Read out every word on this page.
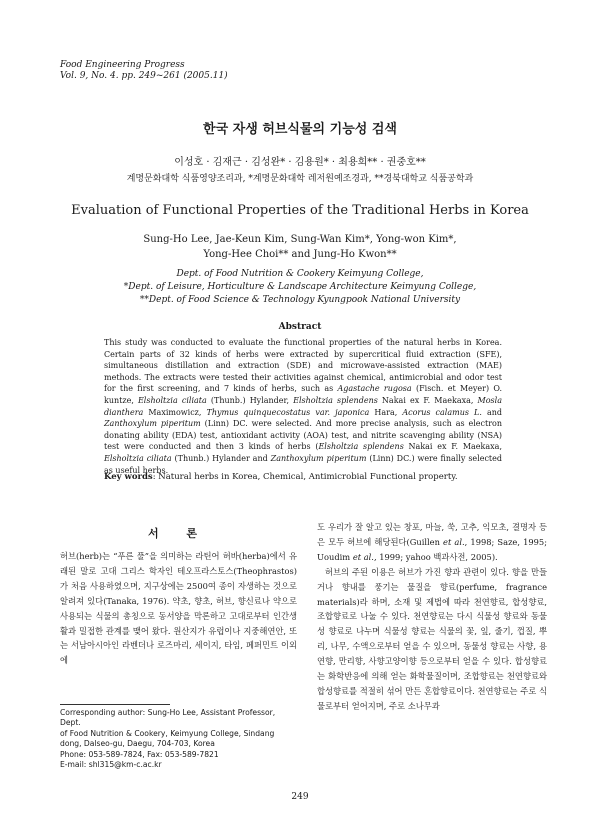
Food Engineering Progress
Vol. 9, No. 4. pp. 249~261 (2005.11)
한국 자생 허브식물의 기능성 검색
이성호 · 김재근 · 김성완* · 김용원* · 최용희** · 권중호**
계명문화대학 식품영양조리과, *계명문화대학 레저원예조경과, **경북대학교 식품공학과
Evaluation of Functional Properties of the Traditional Herbs in Korea
Sung-Ho Lee, Jae-Keun Kim, Sung-Wan Kim*, Yong-won Kim*,
Yong-Hee Choi** and Jung-Ho Kwon**
Dept. of Food Nutrition & Cookery Keimyung College,
*Dept. of Leisure, Horticulture & Landscape Architecture Keimyung College,
**Dept. of Food Science & Technology Kyungpook National University
Abstract
This study was conducted to evaluate the functional properties of the natural herbs in Korea. Certain parts of 32 kinds of herbs were extracted by supercritical fluid extraction (SFE), simultaneous distillation and extraction (SDE) and microwave-assisted extraction (MAE) methods. The extracts were tested their activities against chemical, antimicrobial and odor test for the first screening, and 7 kinds of herbs, such as Agastache rugosa (Fisch. et Meyer) O. kuntze, Elsholtzia ciliata (Thunb.) Hylander, Elsholtzia splendens Nakai ex F. Maekaxa, Mosla dianthera Maximowicz, Thymus quinquecostatus var. japonica Hara, Acorus calamus L. and Zanthoxylum piperitum (Linn) DC. were selected. And more precise analysis, such as electron donating ability (EDA) test, antioxidant activity (AOA) test, and nitrite scavenging ability (NSA) test were conducted and then 3 kinds of herbs (Elsholtzia splendens Nakai ex F. Maekaxa, Elsholtzia ciliata (Thunb.) Hylander and Zanthoxylum piperitum (Linn) DC.) were finally selected as useful herbs.
Key words: Natural herbs in Korea, Chemical, Antimicrobial Functional property.
서 론
허브(herb)는 “푸른 풀”을 의미하는 라틴어 허바(herba)에서 유래된 말로 고대 그리스 학자인 테오프라스토스(Theophrastos)가 처음 사용하였으며, 지구상에는 2500여 종이 자생하는 것으로 알려져 있다(Tanaka, 1976). 약초, 향초, 허브, 향신료나 약으로 사용되는 식물의 총칭으로 동서양을 막론하고 고대로부터 인간생활과 밀접한 관계를 맺어 왔다. 원산지가 유럽이나 지중해연안, 또는 서남아시아인 라벤더나 로즈마리, 세이지, 타임, 페퍼민트 이외에
도 우리가 잘 알고 있는 창포, 마늘, 쑥, 고추, 익모초, 결명자 등은 모두 허브에 해당된다(Guillen et al., 1998; Saze, 1995; Uoudim et al., 1999; yahoo 백과사전, 2005).
허브의 주된 이용은 허브가 가진 향과 관련이 있다. 향을 만들거나 향내를 풍기는 물질을 향료(perfume, fragrance materials)라 하며, 소재 및 제법에 따라 천연향료, 합성향료, 조합향료로 나눌 수 있다. 천연향료는 다시 식물성 향료와 동물성 향료로 나누며 식물성 향료는 식물의 꽃, 잎, 줄기, 껍질, 뿌리, 나무, 수액으로부터 얻을 수 있으며, 동물성 향료는 사향, 용연향, 만리향, 사향고양이향 등으로부터 얻을 수 있다. 합성향료는 화학반응에 의해 얻는 화학물질이며, 조합향료는 천연향료와 합성향료를 적절히 섞어 만든 혼합향료이다. 천연향료는 주로 식물로부터 얻어지며, 주로 소나무과
Corresponding author: Sung-Ho Lee, Assistant Professor, Dept.
of Food Nutrition & Cookery, Keimyung College, Sindang
dong, Dalseo-gu, Daegu, 704-703, Korea
Phone: 053-589-7824, Fax: 053-589-7821
E-mail: shl315@km-c.ac.kr
249
